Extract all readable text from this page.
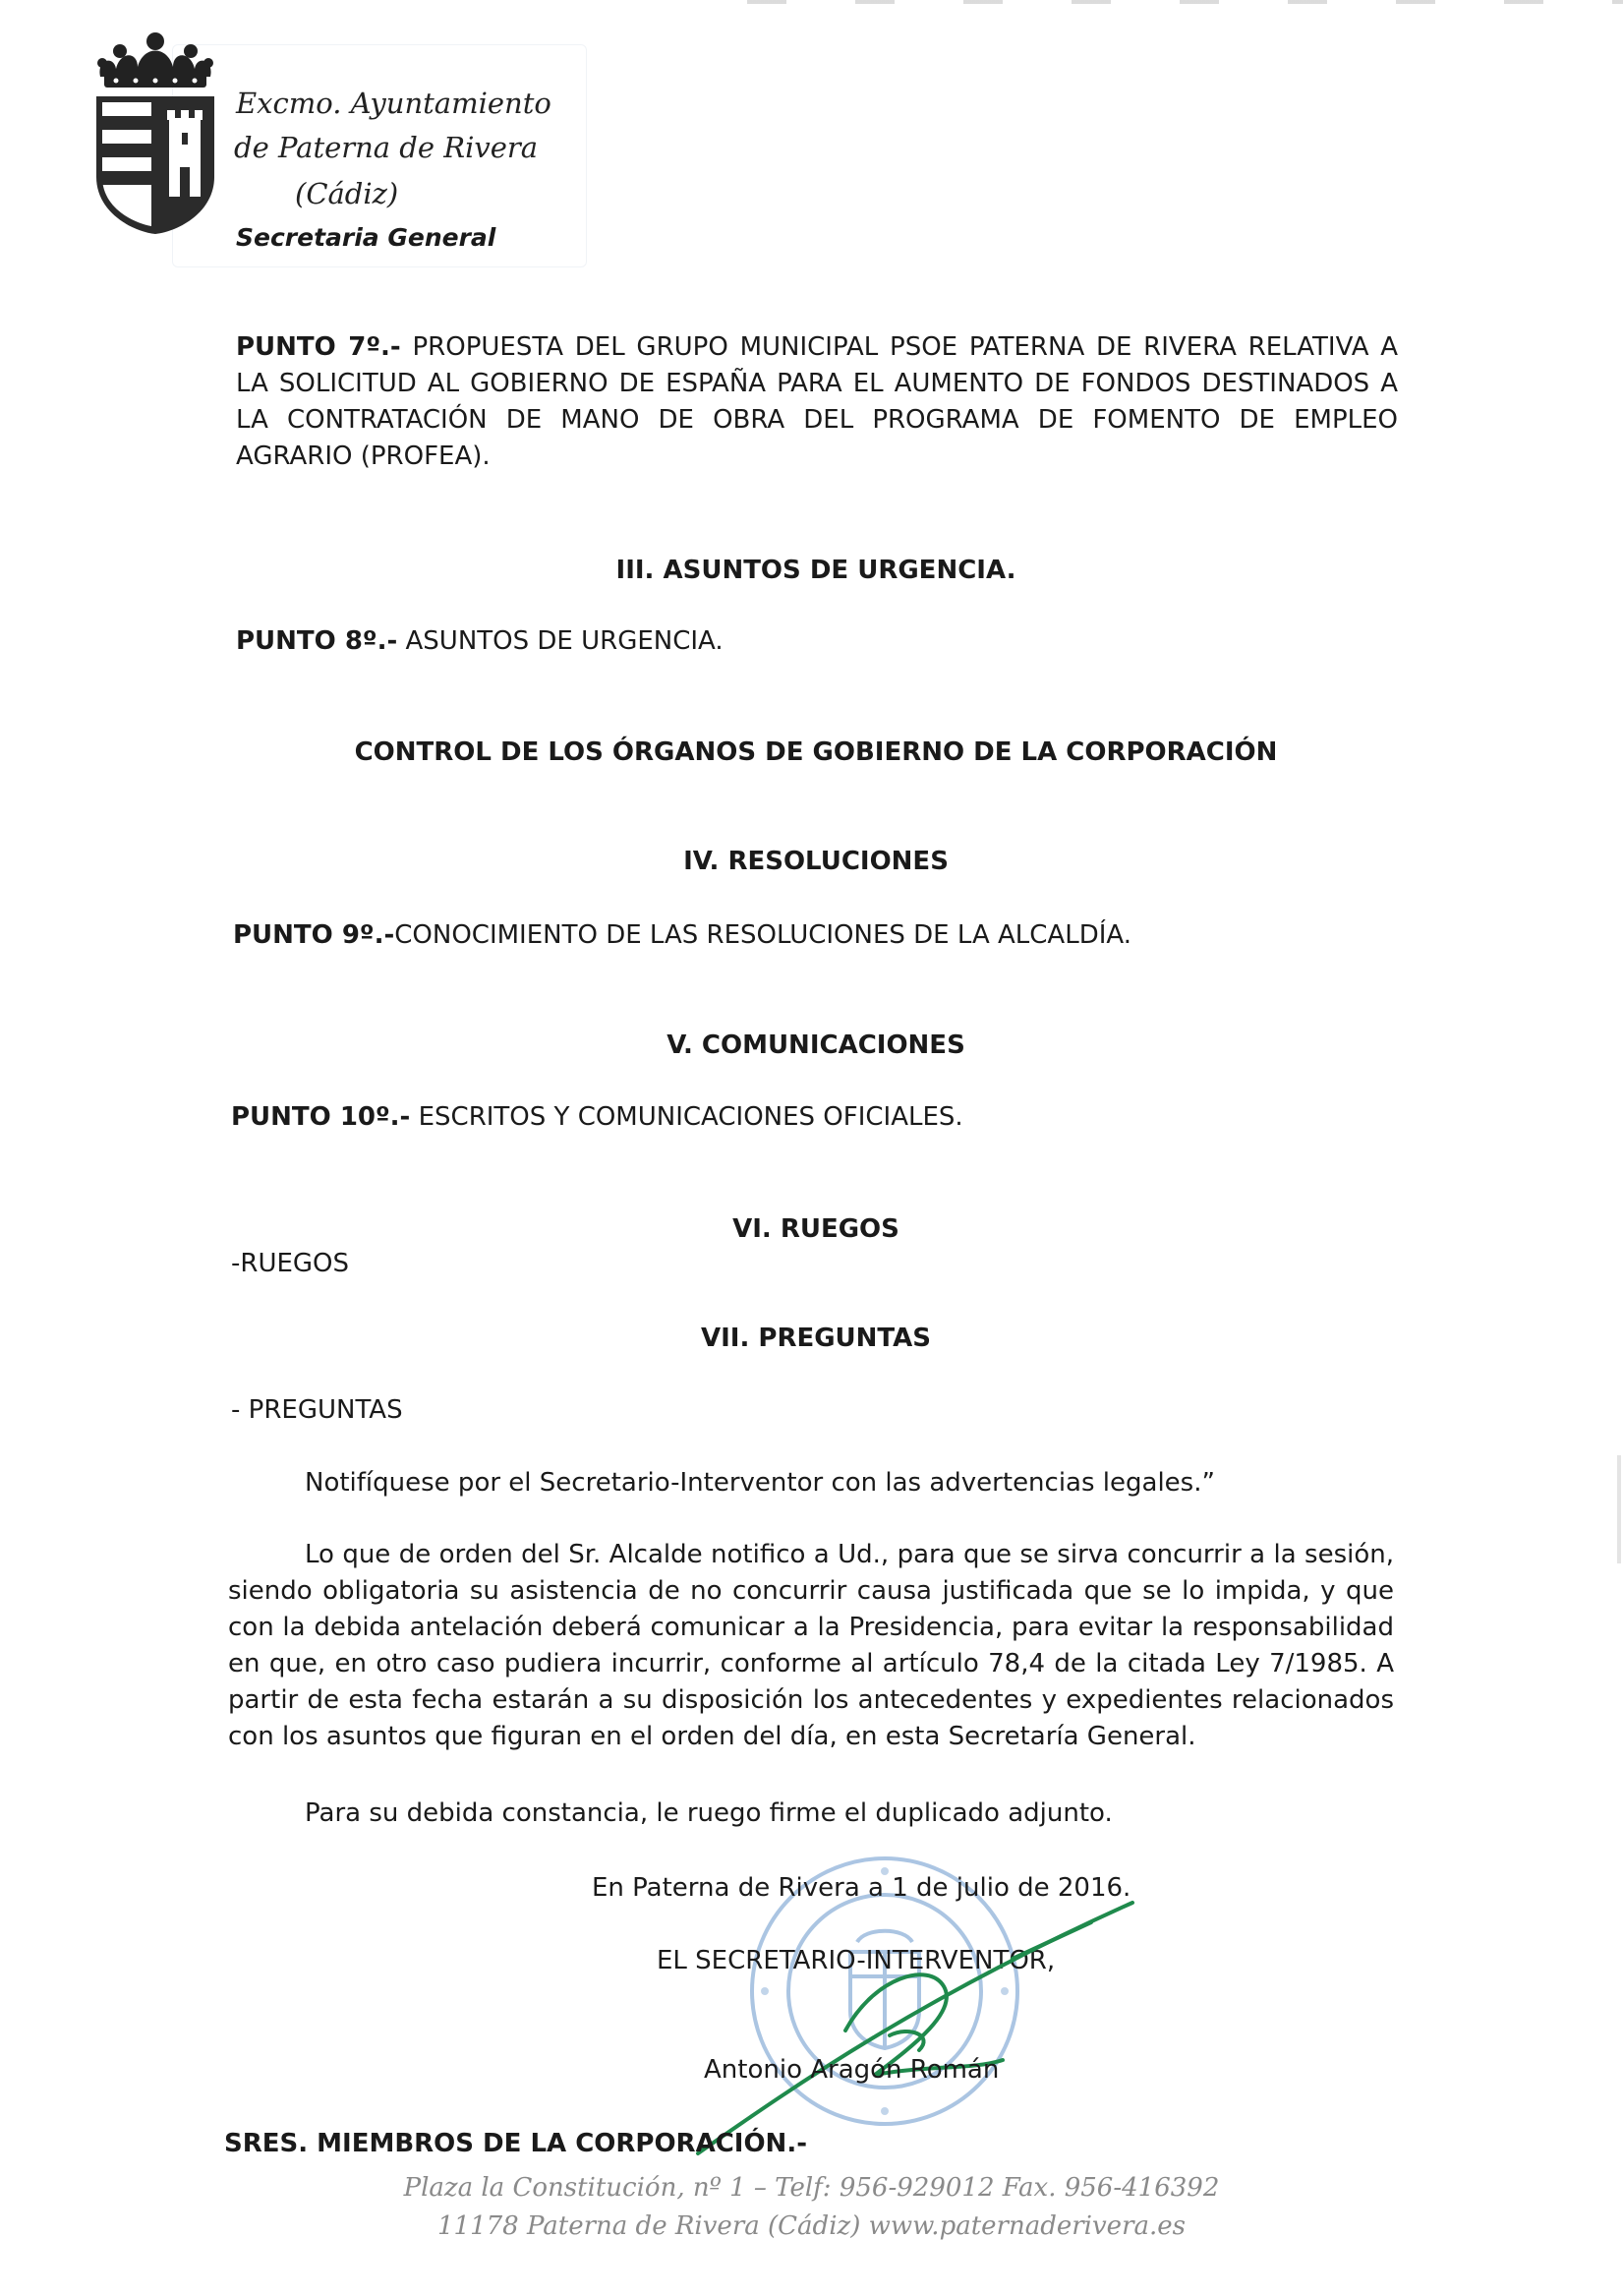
Excmo. Ayuntamiento
de Paterna de Rivera
(Cádiz)
Secretaria General
PUNTO 7º.- PROPUESTA DEL GRUPO MUNICIPAL PSOE PATERNA DE RIVERA RELATIVA A LA SOLICITUD AL GOBIERNO DE ESPAÑA PARA EL AUMENTO DE FONDOS DESTINADOS A LA CONTRATACIÓN DE MANO DE OBRA DEL PROGRAMA DE FOMENTO DE EMPLEO AGRARIO (PROFEA).
III. ASUNTOS DE URGENCIA.
PUNTO 8º.- ASUNTOS DE URGENCIA.
CONTROL DE LOS ÓRGANOS DE GOBIERNO DE LA CORPORACIÓN
IV. RESOLUCIONES
PUNTO 9º.-CONOCIMIENTO DE LAS RESOLUCIONES DE LA ALCALDÍA.
V. COMUNICACIONES
PUNTO 10º.- ESCRITOS Y COMUNICACIONES OFICIALES.
VI. RUEGOS
-RUEGOS
VII. PREGUNTAS
- PREGUNTAS
Notifíquese por el Secretario-Interventor con las advertencias legales.”
Lo que de orden del Sr. Alcalde notifico a Ud., para que se sirva concurrir a la sesión, siendo obligatoria su asistencia de no concurrir causa justificada que se lo impida, y que con la debida antelación deberá comunicar a la Presidencia, para evitar la responsabilidad en que, en otro caso pudiera incurrir, conforme al artículo 78,4 de la citada Ley 7/1985. A partir de esta fecha estarán a su disposición los antecedentes y expedientes relacionados con los asuntos que figuran en el orden del día, en esta Secretaría General.
Para su debida constancia, le ruego firme el duplicado adjunto.
En Paterna de Rivera a 1 de julio de 2016.
EL SECRETARIO-INTERVENTOR,
Antonio Aragón Román
SRES. MIEMBROS DE LA CORPORACIÓN.-
Plaza la Constitución, nº 1 – Telf: 956-929012 Fax. 956-416392
11178 Paterna de Rivera (Cádiz) www.paternaderivera.es
